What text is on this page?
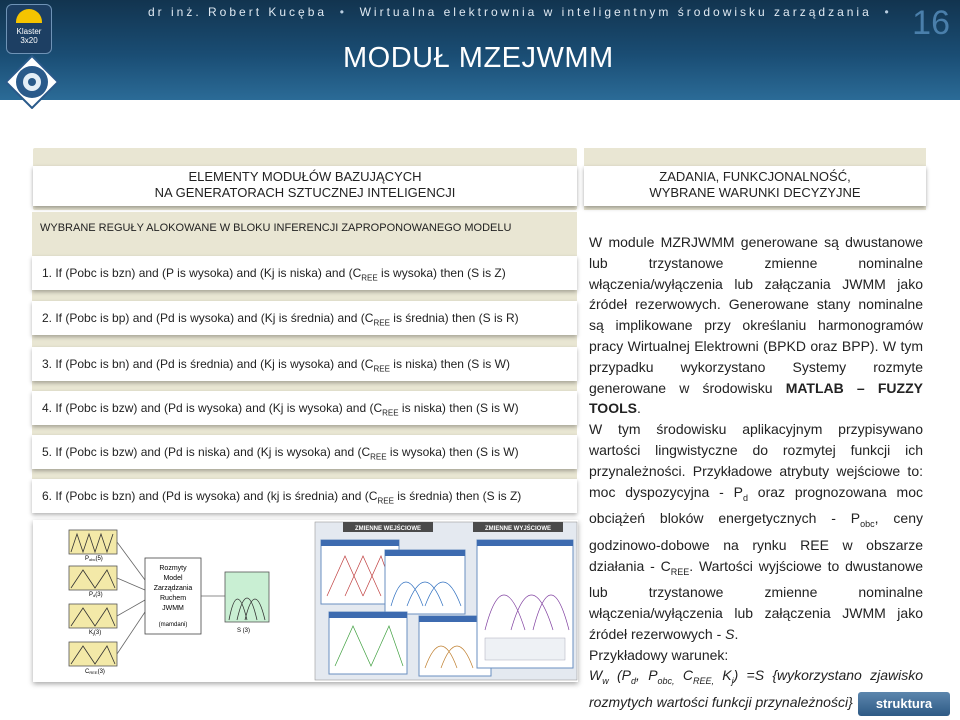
Klaster
3x20
dr inż. Robert Kucęba • Wirtualna elektrownia w inteligentnym środowisku zarządzania • 16
MODUŁ MZEJWMM
ELEMENTY MODUŁÓW BAZUJĄCYCH
NA GENERATORACH SZTUCZNEJ INTELIGENCJI
WYBRANE REGUŁY ALOKOWANE W BLOKU INFERENCJI ZAPROPONOWANEGO MODELU
1. If (Pobc is bzn) and (P is wysoka) and (Kj is niska) and ($C_{REE}$ is wysoka) then (S is Z)
2. If (Pobc is bp) and (Pd is wysoka) and (Kj is średnia) and ($C_{REE}$ is średnia) then (S is R)
3. If (Pobc is bn) and (Pd is średnia) and (Kj is wysoka) and ($C_{REE}$ is niska) then (S is W)
4. If (Pobc is bzw) and (Pd is wysoka) and (Kj is wysoka) and ($C_{REE}$ is niska) then (S is W)
5. If (Pobc is bzw) and (Pd is niska) and (Kj is wysoka) and ($C_{REE}$ is wysoka) then (S is W)
6. If (Pobc is bzn) and (Pd is wysoka) and (kj is średnia) and ($C_{REE}$ is średnia) then (S is Z)
Pobc(5)
Pd(3)
Kj(3)
CREE(3)
Rozmyty
Model
Zarządzania
Ruchem
JWMM
(mamdani)
S (3)
ZMIENNE WEJŚCIOWE	ZMIENNE WYJŚCIOWE
ZADANIA, FUNKCJONALNOŚĆ,
WYBRANE WARUNKI DECYZYJNE

W module MZRJWMM generowane są dwustanowe lub trzystanowe zmienne nominalne włączenia/wyłączenia lub załączania JWMM jako źródeł rezerwowych. Generowane stany nominalne są implikowane przy określaniu harmonogramów pracy Wirtualnej Elektrowni (BPKD oraz BPP). W tym przypadku wykorzystano Systemy rozmyte generowane w środowisku MATLAB – FUZZY TOOLS.

W tym środowisku aplikacyjnym przypisywano wartości lingwistyczne do rozmytej funkcji ich przynależności. Przykładowe atrybuty wejściowe to: moc dyspozycyjna - $P_d$ oraz prognozowana moc obciążeń bloków energetycznych - $P_{obc}$, ceny godzinowo-dobowe na rynku REE w obszarze działania - $C_{REE}$. Wartości wyjściowe to dwustanowe lub trzystanowe zmienne nominalne włączenia/wyłączenia lub załączenia JWMM jako źródeł rezerwowych - S.

Przykładowy warunek:

$W_w$ ($P_d$, $P_{obc,}$ $C_{REE,}$ $K_j) =S$ {wykorzystano zjawisko rozmytych wartości funkcji przynależności}	struktura
